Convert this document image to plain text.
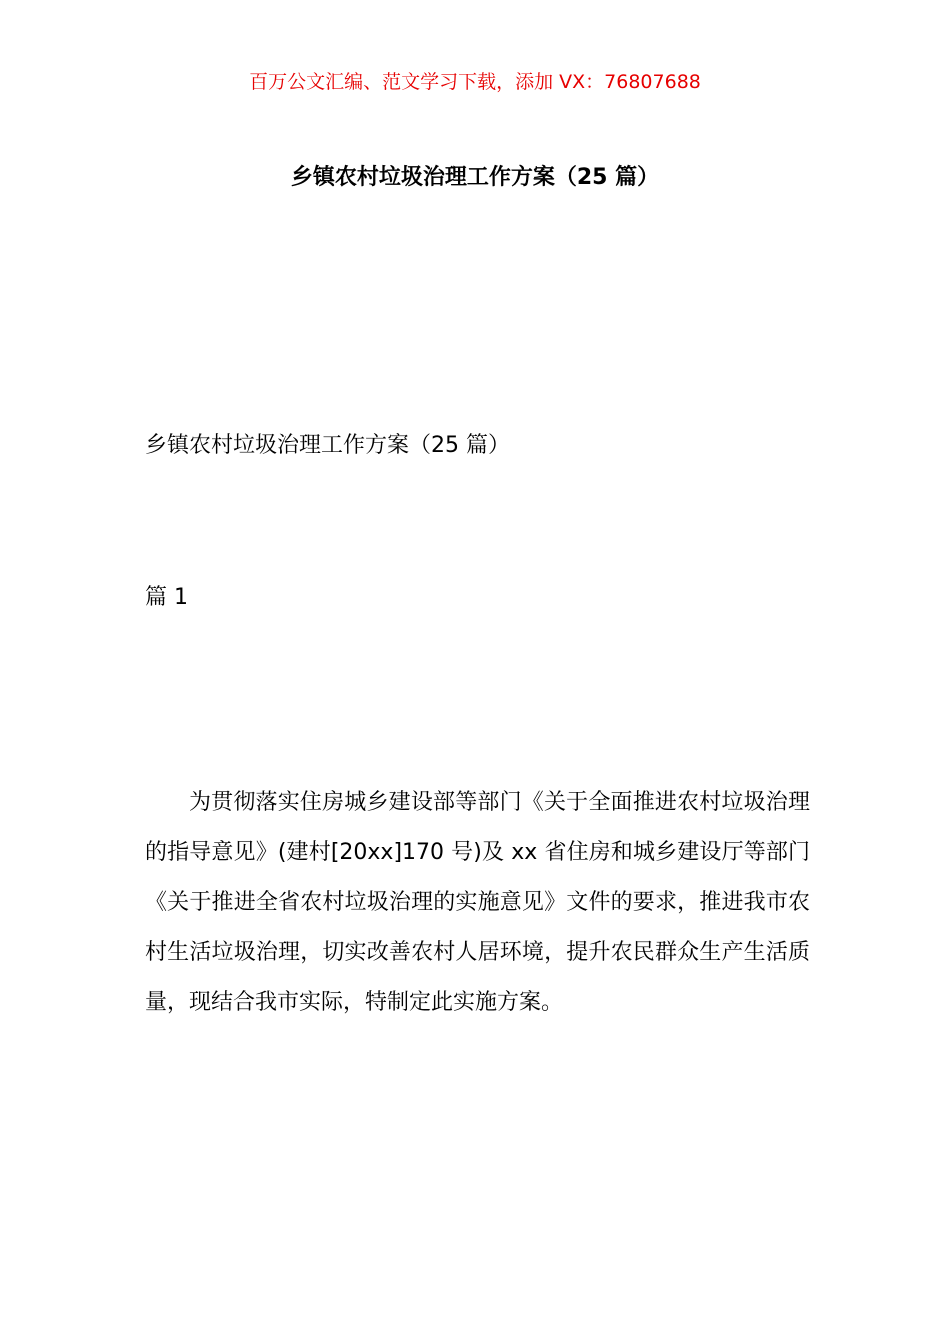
百万公文汇编、范文学习下载，添加 VX：76807688
乡镇农村垃圾治理工作方案（25 篇）
乡镇农村垃圾治理工作方案（25 篇）
篇 1

为贯彻落实住房城乡建设部等部门《关于全面推进农村垃圾治理的指导意见》(建村[20xx]170 号)及 xx 省住房和城乡建设厅等部门《关于推进全省农村垃圾治理的实施意见》文件的要求，推进我市农村生活垃圾治理，切实改善农村人居环境，提升农民群众生产生活质量，现结合我市实际，特制定此实施方案。
